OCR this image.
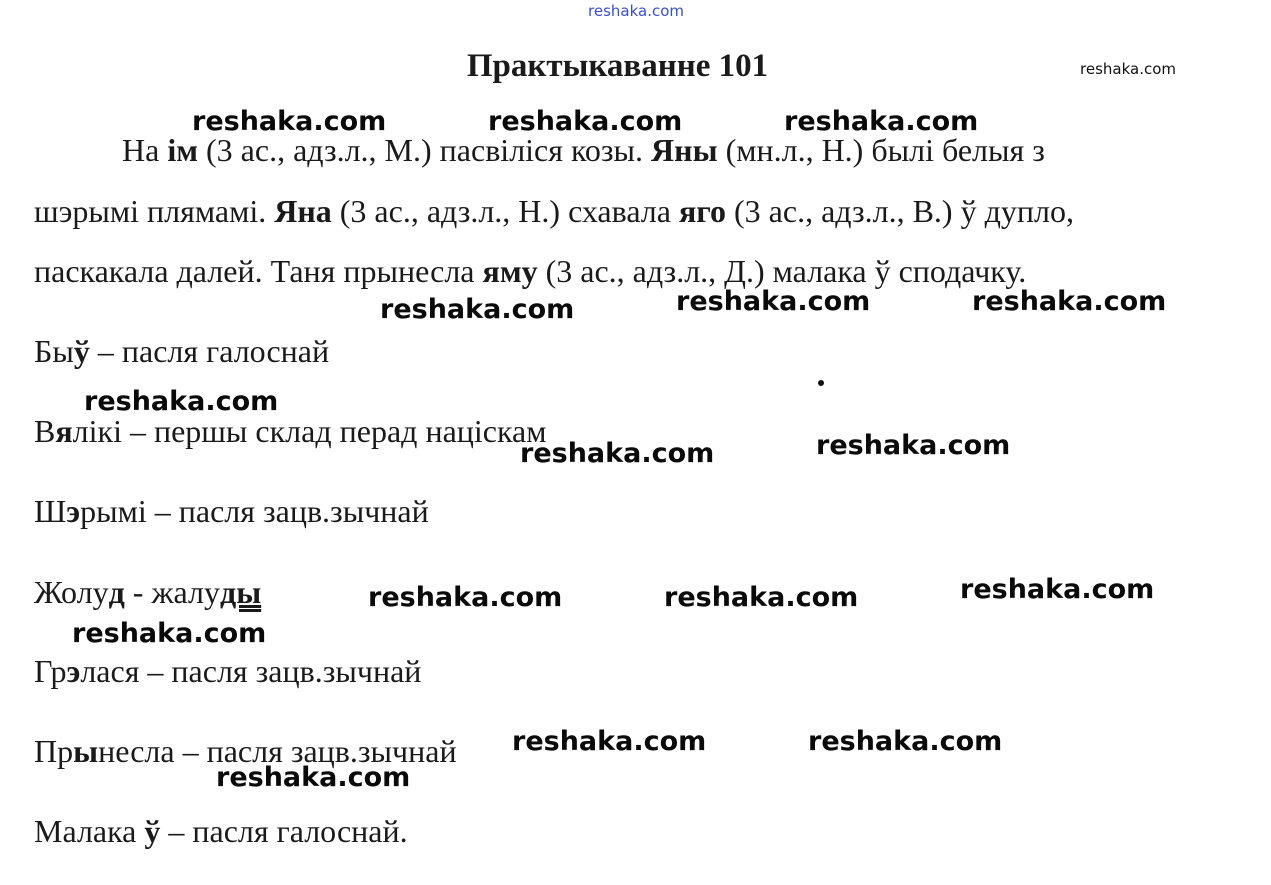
reshaka.com
reshaka.com
Практыкаванне 101
На ім (3 ас., адз.л., М.) пасвіліся козы. Яны (мн.л., Н.) былі белыя з
шэрымі плямамі. Яна (3 ас., адз.л., Н.) схавала яго (3 ас., адз.л., В.) ў дупло,
паскакала далей. Таня прынесла яму (3 ас., адз.л., Д.) малака ў сподачку.
Быў – пасля галоснай
Вялікі – першы склад перад націскам
Шэрымі – пасля зацв.зычнай
Жолуд - жалуды
Грэлася – пасля зацв.зычнай
Прынесла – пасля зацв.зычнай
Малака ў – пасля галоснай.
reshaka.com	reshaka.com	reshaka.com
reshaka.com	reshaka.com
reshaka.com
reshaka.com
reshaka.com
reshaka.com
reshaka.com
reshaka.com	reshaka.com
reshaka.com
reshaka.com	reshaka.com
reshaka.com
